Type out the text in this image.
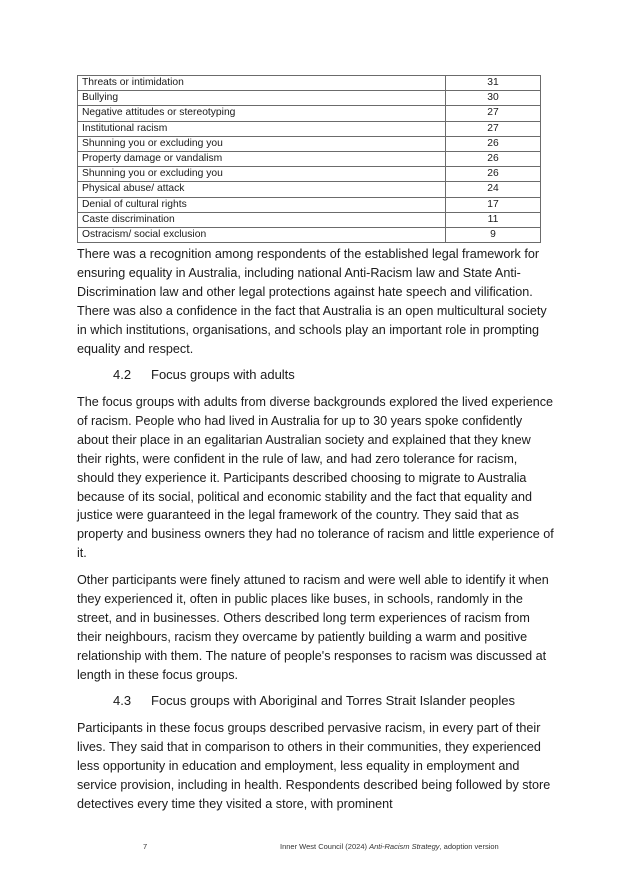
Threats or intimidation	31
Bullying	30
Negative attitudes or stereotyping	27
Institutional racism	27
Shunning you or excluding you	26
Property damage or vandalism	26
Shunning you or excluding you	26
Physical abuse/ attack	24
Denial of cultural rights	17
Caste discrimination	11
Ostracism/ social exclusion	9

There was a recognition among respondents of the established legal framework for ensuring equality in Australia, including national Anti-Racism law and State Anti-Discrimination law and other legal protections against hate speech and vilification. There was also a confidence in the fact that Australia is an open multicultural society in which institutions, organisations, and schools play an important role in prompting equality and respect.

4.2 Focus groups with adults

The focus groups with adults from diverse backgrounds explored the lived experience of racism. People who had lived in Australia for up to 30 years spoke confidently about their place in an egalitarian Australian society and explained that they knew their rights, were confident in the rule of law, and had zero tolerance for racism, should they experience it. Participants described choosing to migrate to Australia because of its social, political and economic stability and the fact that equality and justice were guaranteed in the legal framework of the country. They said that as property and business owners they had no tolerance of racism and little experience of it.

Other participants were finely attuned to racism and were well able to identify it when they experienced it, often in public places like buses, in schools, randomly in the street, and in businesses. Others described long term experiences of racism from their neighbours, racism they overcame by patiently building a warm and positive relationship with them. The nature of people's responses to racism was discussed at length in these focus groups.

4.3 Focus groups with Aboriginal and Torres Strait Islander peoples

Participants in these focus groups described pervasive racism, in every part of their lives. They said that in comparison to others in their communities, they experienced less opportunity in education and employment, less equality in employment and service provision, including in health. Respondents described being followed by store detectives every time they visited a store, with prominent

7	Inner West Council (2024) Anti-Racism Strategy, adoption version
